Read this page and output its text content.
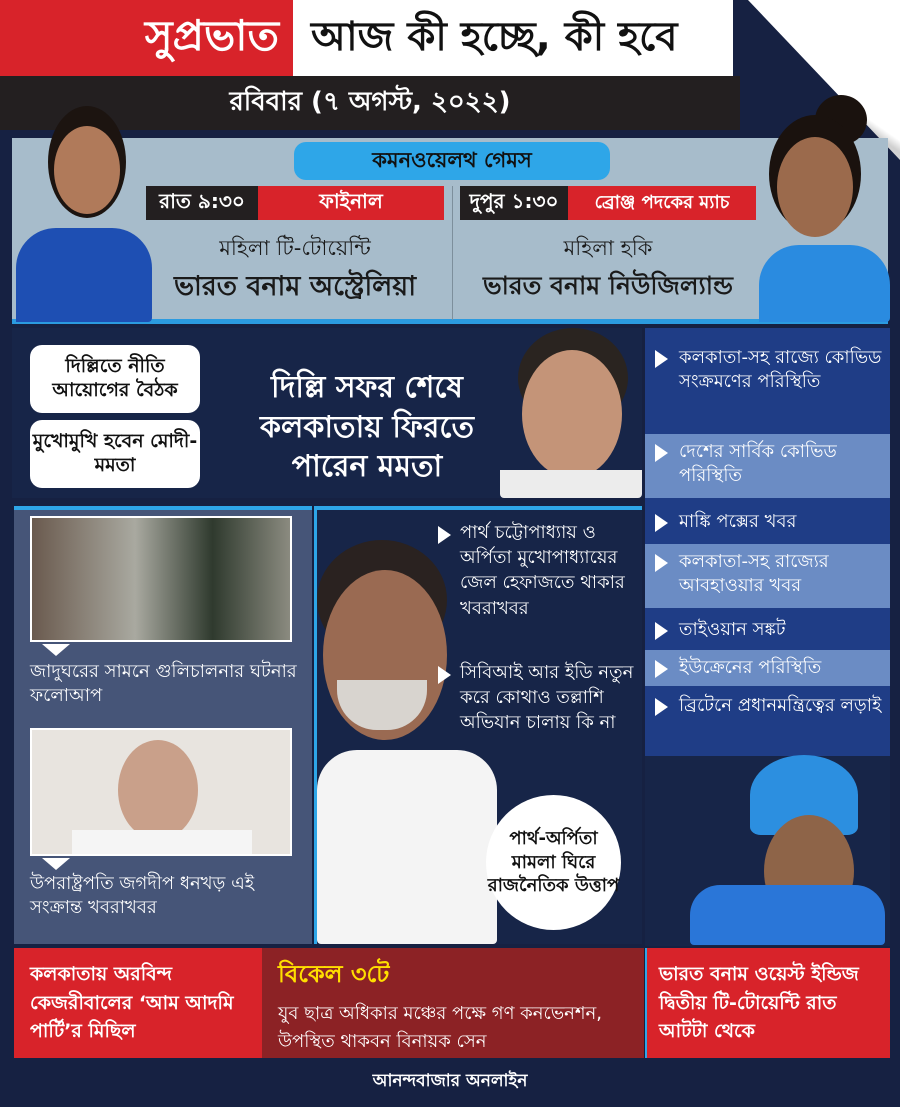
সুপ্রভাত আজ কী হচ্ছে, কী হবে
রবিবার (৭ অগস্ট, ২০২২)
কমনওয়েলথ গেমস
রাত ৯:৩০	ফাইনাল
মহিলা টি-টোয়েন্টি
ভারত বনাম অস্ট্রেলিয়া
দুপুর ১:৩০	ব্রোঞ্জ পদকের ম্যাচ
মহিলা হকি
ভারত বনাম নিউজিল্যান্ড
দিল্লিতে নীতি আয়োগের বৈঠক
মুখোমুখি হবেন মোদী-মমতা
দিল্লি সফর শেষে কলকাতায় ফিরতে পারেন মমতা
কলকাতা-সহ রাজ্যে কোভিড সংক্রমণের পরিস্থিতি
দেশের সার্বিক কোভিড পরিস্থিতি
মাঙ্কি পক্সের খবর
কলকাতা-সহ রাজ্যের আবহাওয়ার খবর
তাইওয়ান সঙ্কট
ইউক্রেনের পরিস্থিতি
ব্রিটেনে প্রধানমন্ত্রিত্বের লড়াই
জাদুঘরের সামনে গুলিচালনার ঘটনার ফলোআপ
উপরাষ্ট্রপতি জগদীপ ধনখড় এই সংক্রান্ত খবরাখবর
পার্থ চট্টোপাধ্যায় ও অর্পিতা মুখোপাধ্যায়ের জেল হেফাজতে থাকার খবরাখবর
সিবিআই আর ইডি নতুন করে কোথাও তল্লাশি অভিযান চালায় কি না
পার্থ-অর্পিতা মামলা ঘিরে রাজনৈতিক উত্তাপ
কলকাতায় অরবিন্দ কেজরীবালের ‘আম আদমি পার্টি’র মিছিল
বিকেল ৩টে
যুব ছাত্র অধিকার মঞ্চের পক্ষে গণ কনভেনশন, উপস্থিত থাকবন বিনায়ক সেন
ভারত বনাম ওয়েস্ট ইন্ডিজ দ্বিতীয় টি-টোয়েন্টি রাত আটটা থেকে
আনন্দবাজার অনলাইন
